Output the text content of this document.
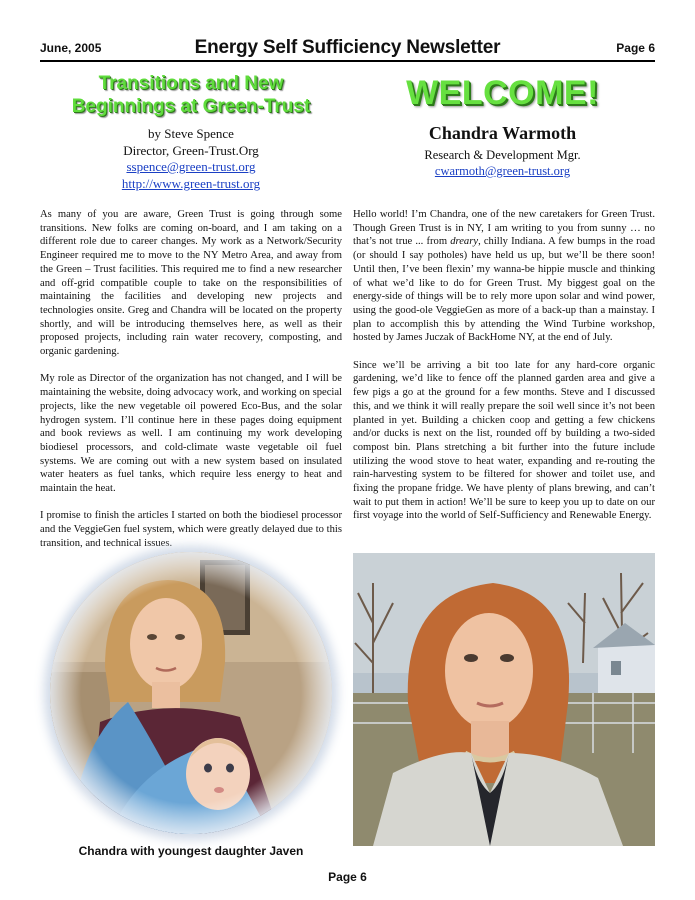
June, 2005	Energy Self Sufficiency Newsletter	Page 6
Transitions and New
Beginnings at Green-Trust
by Steve Spence
Director, Green-Trust.Org
sspence@green-trust.org
http://www.green-trust.org
WELCOME!
Chandra Warmoth
Research & Development Mgr.
cwarmoth@green-trust.org

As many of you are aware, Green Trust is going through some transitions. New folks are coming on-board, and I am taking on a different role due to career changes. My work as a Network/Security Engineer required me to move to the NY Metro Area, and away from the Green – Trust facilities. This required me to find a new researcher and off-grid compatible couple to take on the responsibilities of maintaining the facilities and developing new projects and technologies onsite. Greg and Chandra will be located on the property shortly, and will be introducing themselves here, as well as their proposed projects, including rain water recovery, composting, and organic gardening.

My role as Director of the organization has not changed, and I will be maintaining the website, doing advocacy work, and working on special projects, like the new vegetable oil powered Eco-Bus, and the solar hydrogen system. I’ll continue here in these pages doing equipment and book reviews as well. I am continuing my work developing biodiesel processors, and cold-climate waste vegetable oil fuel systems. We are coming out with a new system based on insulated water heaters as fuel tanks, which require less energy to heat and maintain the heat.

I promise to finish the articles I started on both the biodiesel processor and the VeggieGen fuel system, which were greatly delayed due to this transition, and technical issues.

Hello world! I’m Chandra, one of the new caretakers for Green Trust. Though Green Trust is in NY, I am writing to you from sunny … no that’s not true ... from dreary, chilly Indiana. A few bumps in the road (or should I say potholes) have held us up, but we’ll be there soon! Until then, I’ve been flexin’ my wanna-be hippie muscle and thinking of what we’d like to do for Green Trust. My biggest goal on the energy-side of things will be to rely more upon solar and wind power, using the good-ole VeggieGen as more of a back-up than a mainstay. I plan to accomplish this by attending the Wind Turbine workshop, hosted by James Juczak of BackHome NY, at the end of July.

Since we’ll be arriving a bit too late for any hard-core organic gardening, we’d like to fence off the planned garden area and give a few pigs a go at the ground for a few months. Steve and I discussed this, and we think it will really prepare the soil well since it’s not been planted in yet. Building a chicken coop and getting a few chickens and/or ducks is next on the list, rounded off by building a two-sided compost bin. Plans stretching a bit further into the future include utilizing the wood stove to heat water, expanding and re-routing the rain-harvesting system to be filtered for shower and toilet use, and fixing the propane fridge. We have plenty of plans brewing, and can’t wait to put them in action! We’ll be sure to keep you up to date on our first voyage into the world of Self-Sufficiency and Renewable Energy.

Chandra with youngest daughter Javen
Page 6
